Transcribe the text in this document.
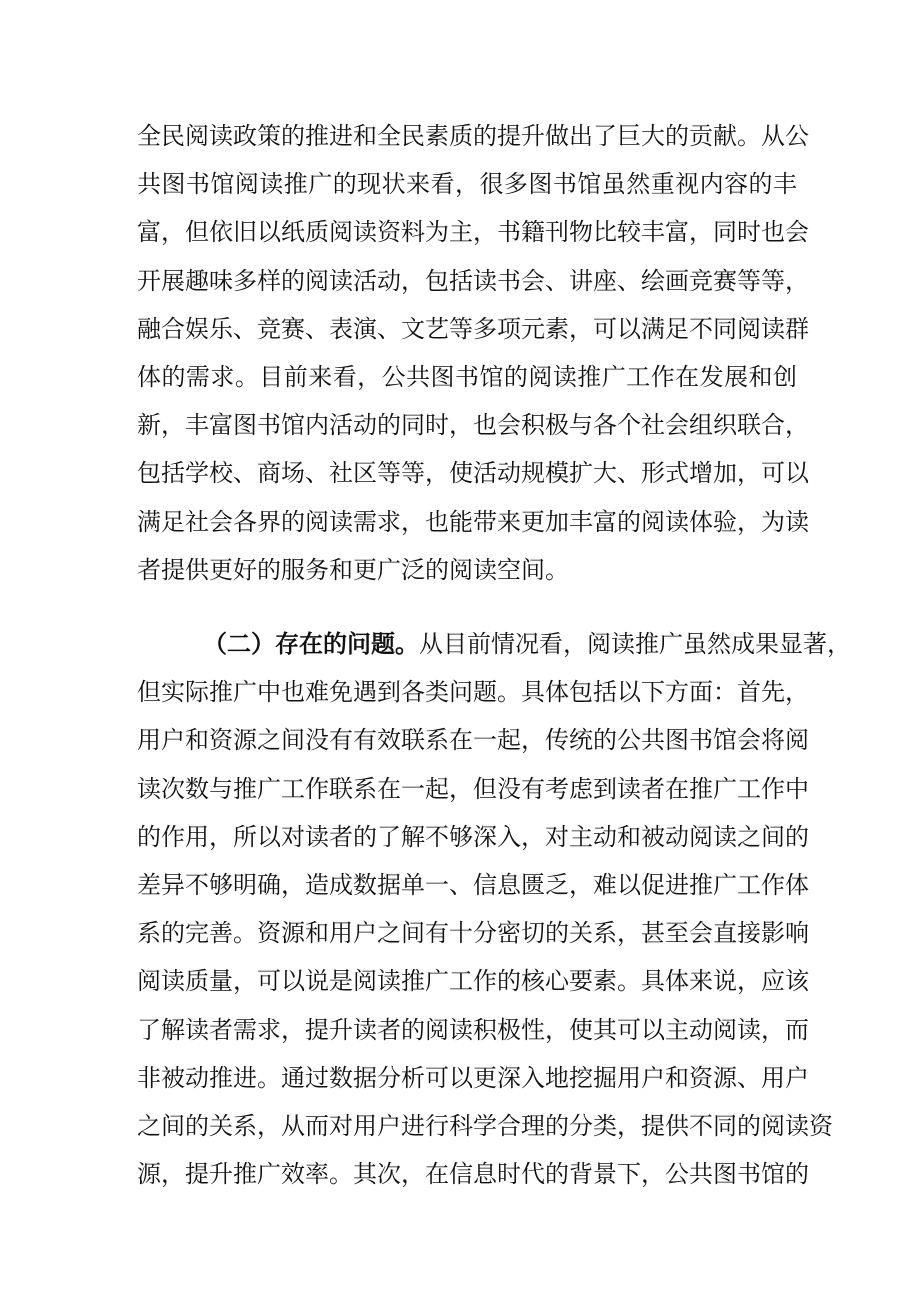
全民阅读政策的推进和全民素质的提升做出了巨大的贡献。从公
共图书馆阅读推广的现状来看，很多图书馆虽然重视内容的丰
富，但依旧以纸质阅读资料为主，书籍刊物比较丰富，同时也会
开展趣味多样的阅读活动，包括读书会、讲座、绘画竞赛等等，
融合娱乐、竞赛、表演、文艺等多项元素，可以满足不同阅读群
体的需求。目前来看，公共图书馆的阅读推广工作在发展和创
新，丰富图书馆内活动的同时，也会积极与各个社会组织联合，
包括学校、商场、社区等等，使活动规模扩大、形式增加，可以
满足社会各界的阅读需求，也能带来更加丰富的阅读体验，为读
者提供更好的服务和更广泛的阅读空间。
（二）存在的问题。从目前情况看，阅读推广虽然成果显著，
但实际推广中也难免遇到各类问题。具体包括以下方面：首先，
用户和资源之间没有有效联系在一起，传统的公共图书馆会将阅
读次数与推广工作联系在一起，但没有考虑到读者在推广工作中
的作用，所以对读者的了解不够深入，对主动和被动阅读之间的
差异不够明确，造成数据单一、信息匮乏，难以促进推广工作体
系的完善。资源和用户之间有十分密切的关系，甚至会直接影响
阅读质量，可以说是阅读推广工作的核心要素。具体来说，应该
了解读者需求，提升读者的阅读积极性，使其可以主动阅读，而
非被动推进。通过数据分析可以更深入地挖掘用户和资源、用户
之间的关系，从而对用户进行科学合理的分类，提供不同的阅读资
源，提升推广效率。其次，在信息时代的背景下，公共图书馆的
